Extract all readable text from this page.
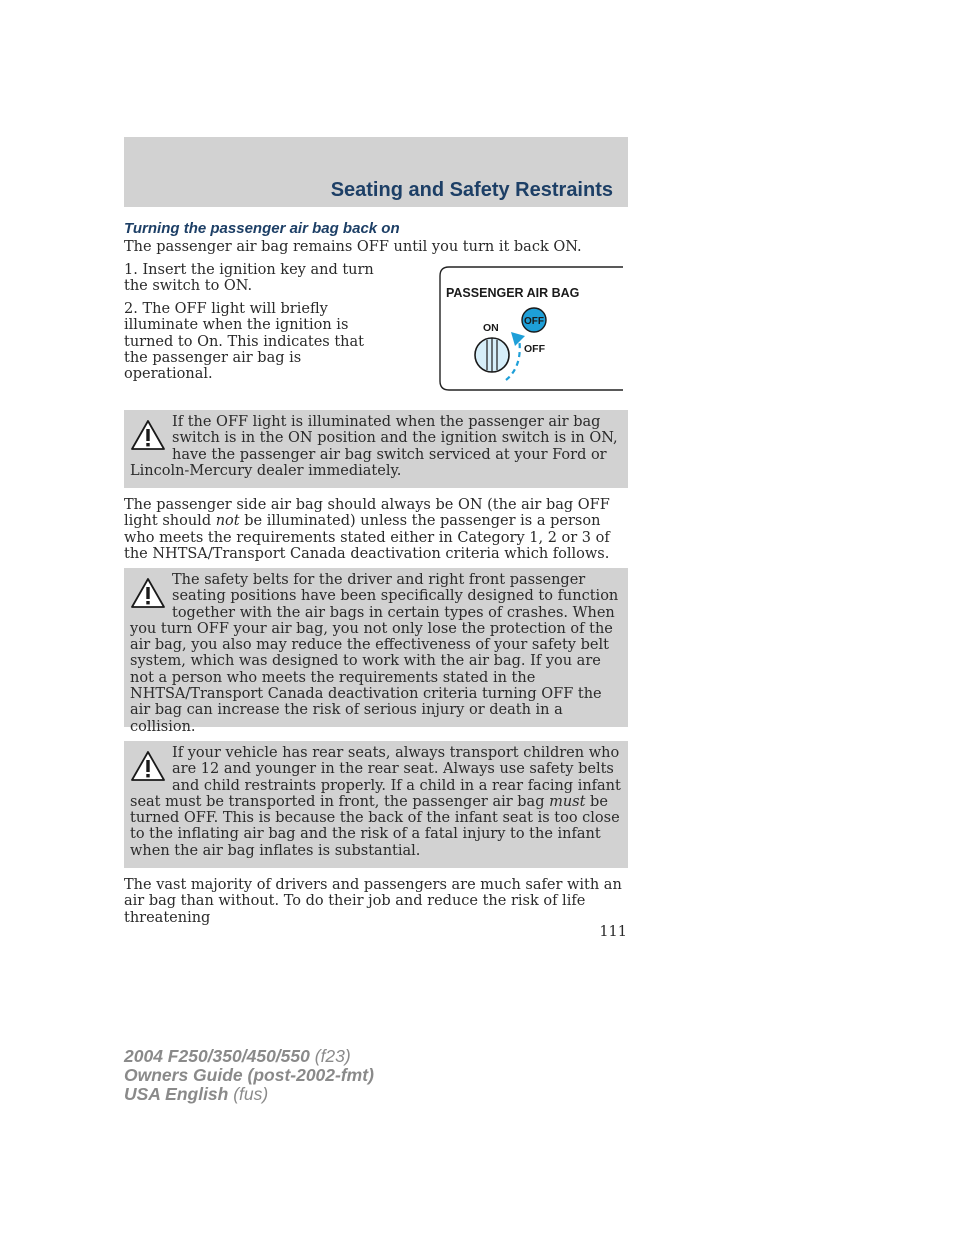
Seating and Safety Restraints
Turning the passenger air bag back on

The passenger air bag remains OFF until you turn it back ON.

1. Insert the ignition key and turn the switch to ON.

2. The OFF light will briefly illuminate when the ignition is turned to On. This indicates that the passenger air bag is operational.

PASSENGER AIR BAG
ON
OFF
OFF

If the OFF light is illuminated when the passenger air bag switch is in the ON position and the ignition switch is in ON, have the passenger air bag switch serviced at your Ford or Lincoln-Mercury dealer immediately.

The passenger side air bag should always be ON (the air bag OFF light should not be illuminated) unless the passenger is a person who meets the requirements stated either in Category 1, 2 or 3 of the NHTSA/Transport Canada deactivation criteria which follows.

The safety belts for the driver and right front passenger seating positions have been specifically designed to function together with the air bags in certain types of crashes. When you turn OFF your air bag, you not only lose the protection of the air bag, you also may reduce the effectiveness of your safety belt system, which was designed to work with the air bag. If you are not a person who meets the requirements stated in the NHTSA/Transport Canada deactivation criteria turning OFF the air bag can increase the risk of serious injury or death in a collision.

If your vehicle has rear seats, always transport children who are 12 and younger in the rear seat. Always use safety belts and child restraints properly. If a child in a rear facing infant seat must be transported in front, the passenger air bag must be turned OFF. This is because the back of the infant seat is too close to the inflating air bag and the risk of a fatal injury to the infant when the air bag inflates is substantial.

The vast majority of drivers and passengers are much safer with an air bag than without. To do their job and reduce the risk of life threatening

111

2004 F250/350/450/550 (f23)
Owners Guide (post-2002-fmt)
USA English (fus)
